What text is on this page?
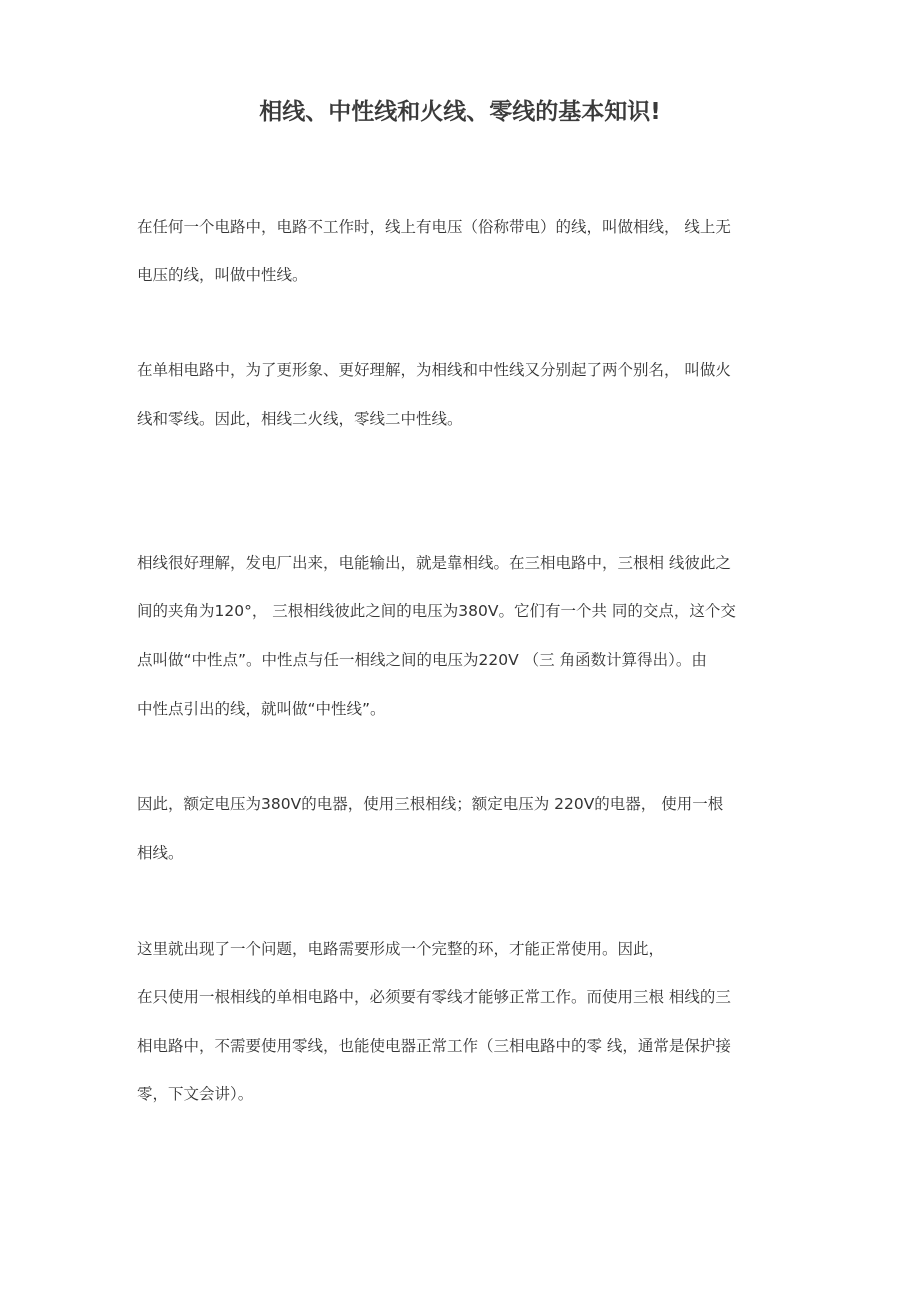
相线、中性线和火线、零线的基本知识!

在任何一个电路中，电路不工作时，线上有电压（俗称带电）的线，叫做相线， 线上无

电压的线，叫做中性线。

在单相电路中，为了更形象、更好理解，为相线和中性线又分别起了两个别名， 叫做火

线和零线。因此，相线二火线，零线二中性线。

相线很好理解，发电厂出来，电能输出，就是靠相线。在三相电路中，三根相 线彼此之

间的夹角为120°， 三根相线彼此之间的电压为380V。它们有一个共 同的交点，这个交

点叫做“中性点”。中性点与任一相线之间的电压为220V （三 角函数计算得出）。由

中性点引出的线，就叫做“中性线”。

因此，额定电压为380V的电器，使用三根相线；额定电压为 220V的电器， 使用一根

相线。

这里就出现了一个问题，电路需要形成一个完整的环，才能正常使用。因此，

在只使用一根相线的单相电路中，必须要有零线才能够正常工作。而使用三根 相线的三

相电路中，不需要使用零线，也能使电器正常工作（三相电路中的零 线，通常是保护接

零，下文会讲）。
